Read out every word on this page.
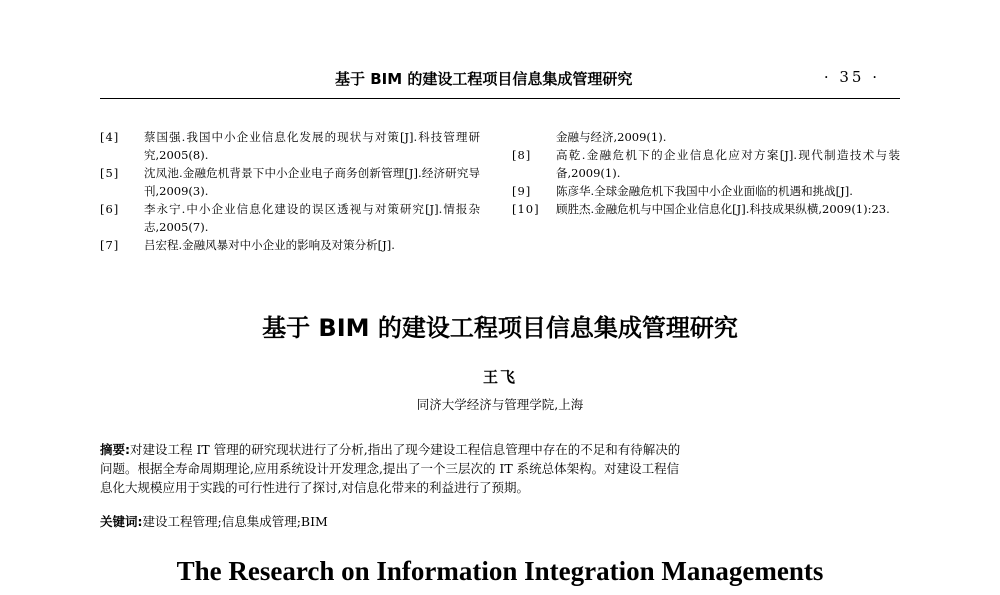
基于 BIM 的建设工程项目信息集成管理研究	· 35 ·
[4] 蔡国强.我国中小企业信息化发展的现状与对策[J].科技管理研究,2005(8).
[5] 沈凤池.金融危机背景下中小企业电子商务创新管理[J].经济研究导刊,2009(3).
[6] 李永宁.中小企业信息化建设的误区透视与对策研究[J].情报杂志,2005(7).
[7] 吕宏程.金融风暴对中小企业的影响及对策分析[J].
金融与经济,2009(1).
[8] 高乾.金融危机下的企业信息化应对方案[J].现代制造技术与装备,2009(1).
[9] 陈彦华.全球金融危机下我国中小企业面临的机遇和挑战[J].
[10] 顾胜杰.金融危机与中国企业信息化[J].科技成果纵横,2009(1):23.
基于 BIM 的建设工程项目信息集成管理研究
王飞
同济大学经济与管理学院,上海
摘要:对建设工程 IT 管理的研究现状进行了分析,指出了现今建设工程信息管理中存在的不足和有待解决的
问题。根据全寿命周期理论,应用系统设计开发理念,提出了一个三层次的 IT 系统总体架构。对建设工程信
息化大规模应用于实践的可行性进行了探讨,对信息化带来的利益进行了预期。
关键词:建设工程管理;信息集成管理;BIM
The Research on Information Integration Managements
